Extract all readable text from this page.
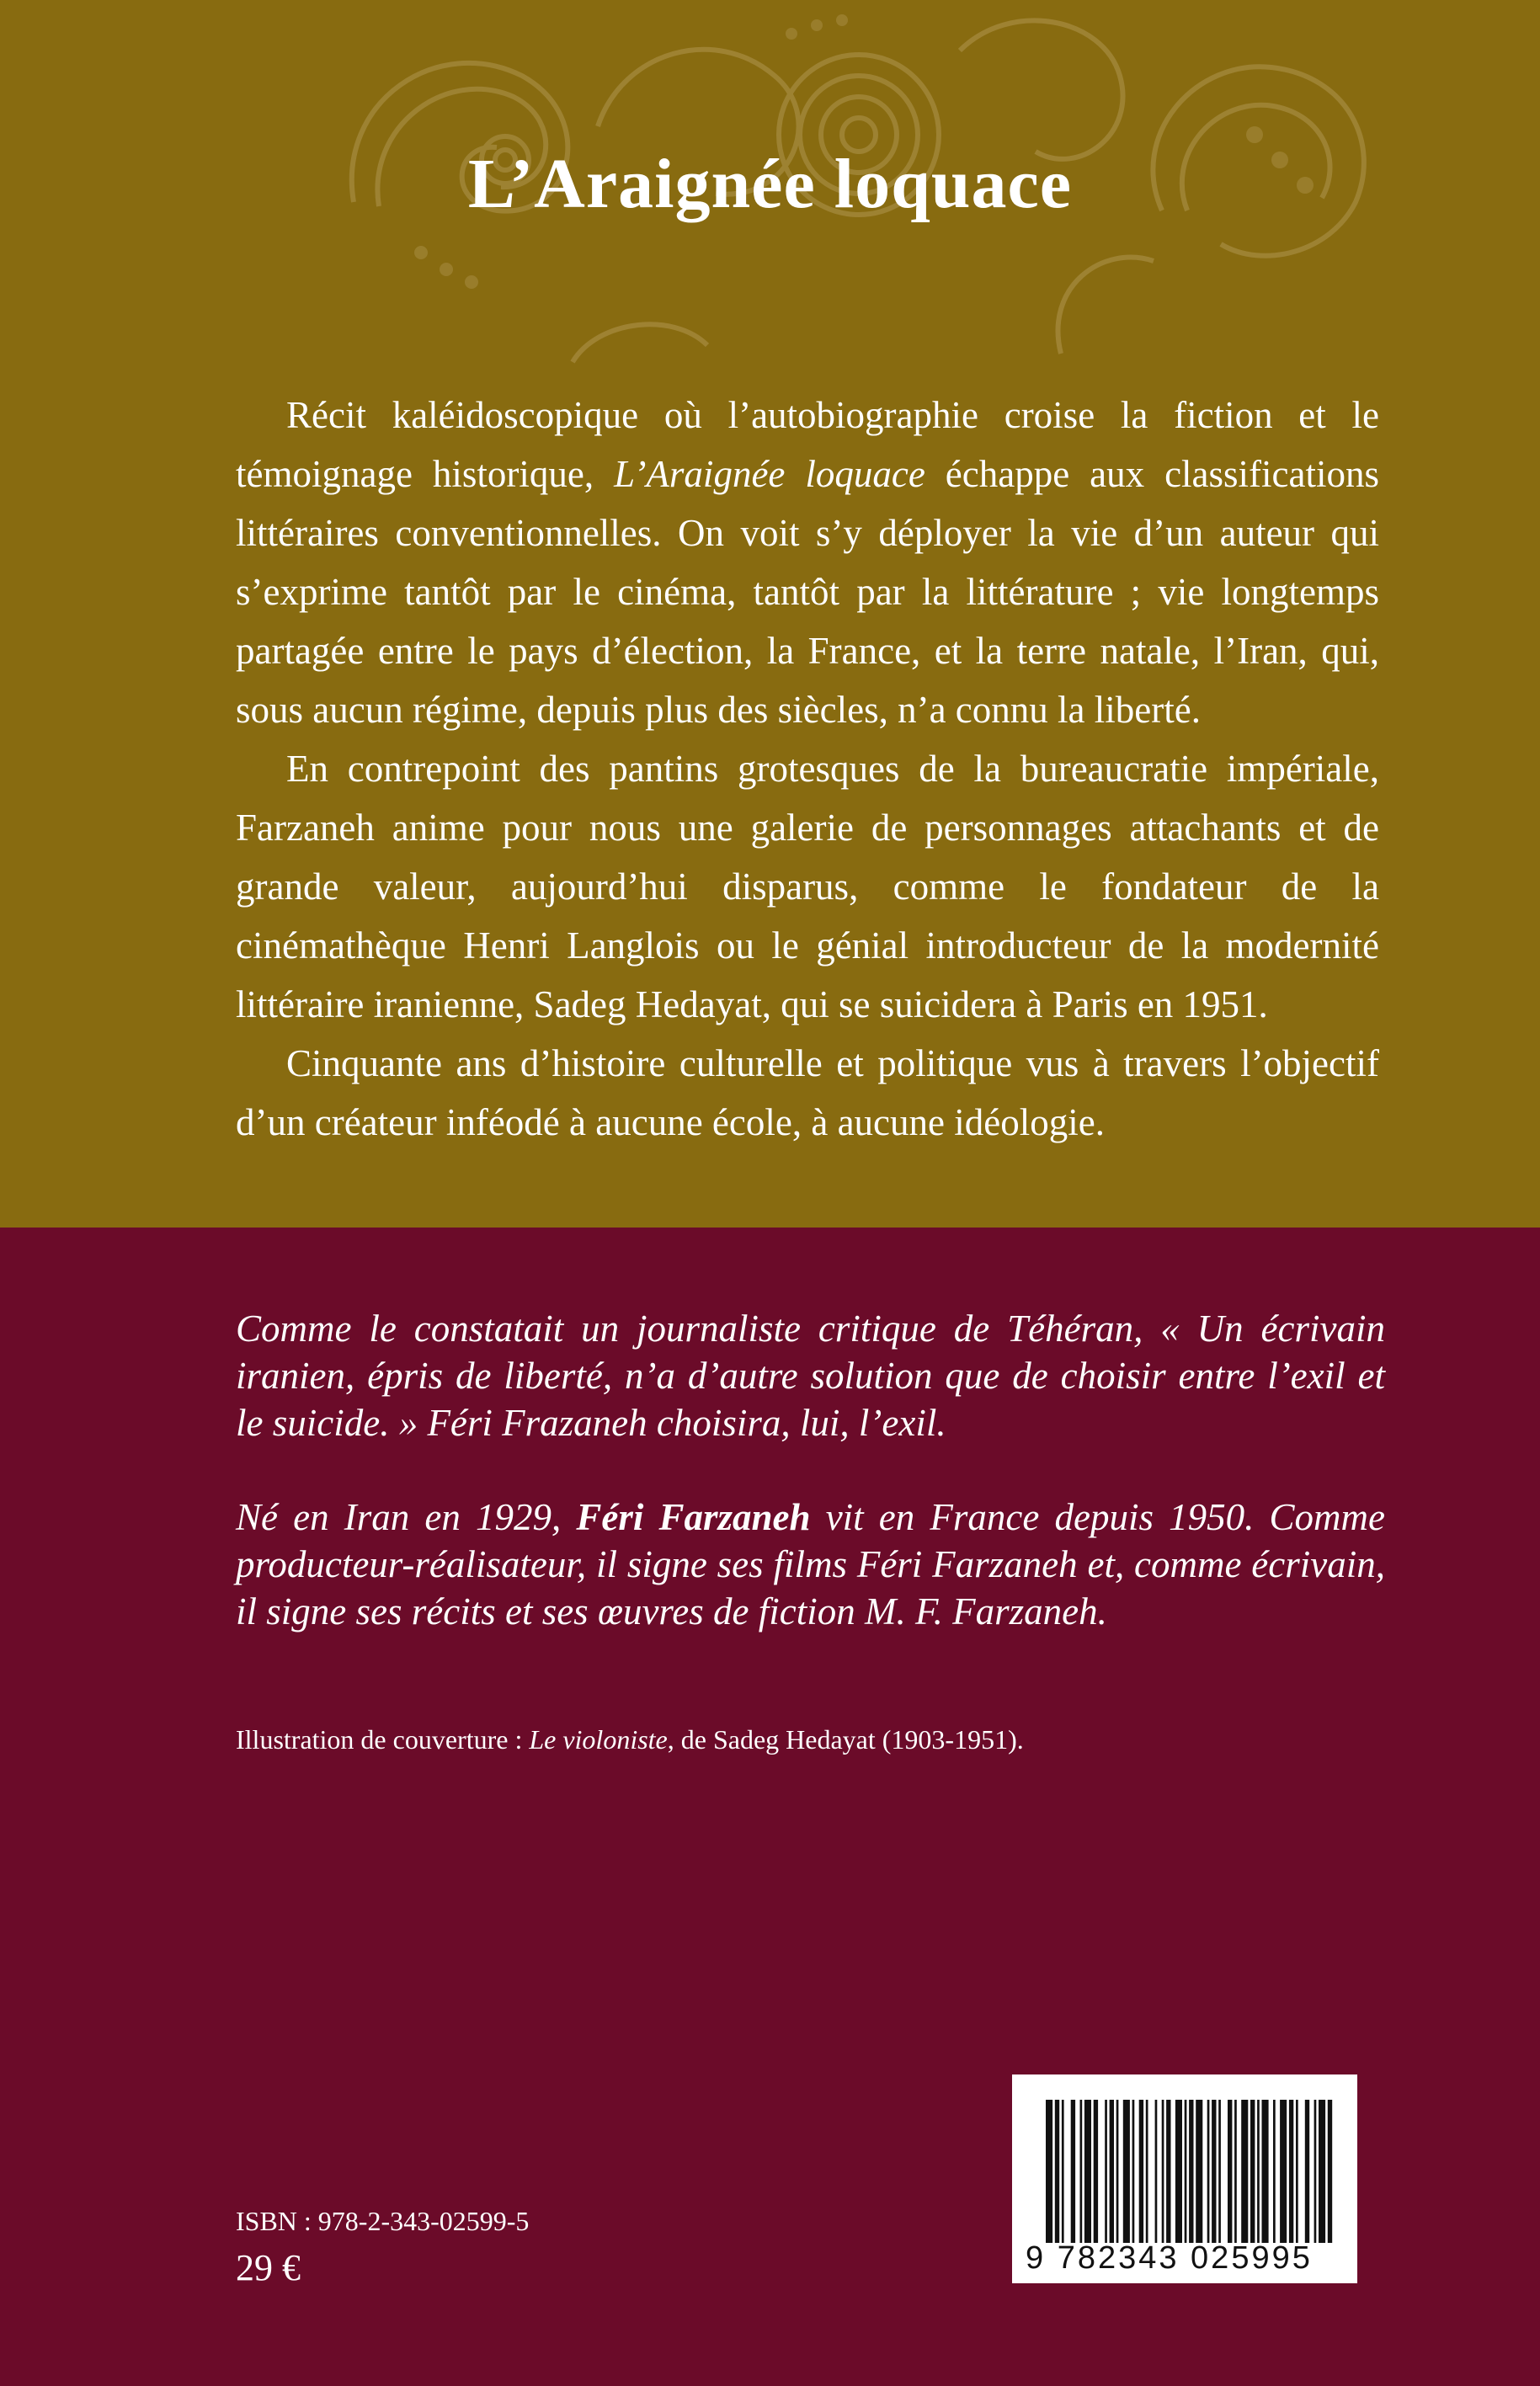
L’Araignée loquace

Récit kaléidoscopique où l’autobiographie croise la fiction et le témoignage historique, L’Araignée loquace échappe aux classifications littéraires conventionnelles. On voit s’y déployer la vie d’un auteur qui s’exprime tantôt par le cinéma, tantôt par la littérature ; vie longtemps partagée entre le pays d’élection, la France, et la terre natale, l’Iran, qui, sous aucun régime, depuis plus des siècles, n’a connu la liberté.

En contrepoint des pantins grotesques de la bureaucratie impériale, Farzaneh anime pour nous une galerie de personnages attachants et de grande valeur, aujourd’hui disparus, comme le fondateur de la cinémathèque Henri Langlois ou le génial introducteur de la modernité littéraire iranienne, Sadeg Hedayat, qui se suicidera à Paris en 1951.

Cinquante ans d’histoire culturelle et politique vus à travers l’objectif d’un créateur inféodé à aucune école, à aucune idéologie.

Comme le constatait un journaliste critique de Téhéran, « Un écrivain iranien, épris de liberté, n’a d’autre solution que de choisir entre l’exil et le suicide. » Féri Frazaneh choisira, lui, l’exil.

Né en Iran en 1929, Féri Farzaneh vit en France depuis 1950. Comme producteur-réalisateur, il signe ses films Féri Farzaneh et, comme écrivain, il signe ses récits et ses œuvres de fiction M. F. Farzaneh.

Illustration de couverture : Le violoniste, de Sadeg Hedayat (1903-1951).

ISBN : 978-2-343-02599-5

29 €	9 782343 025995
